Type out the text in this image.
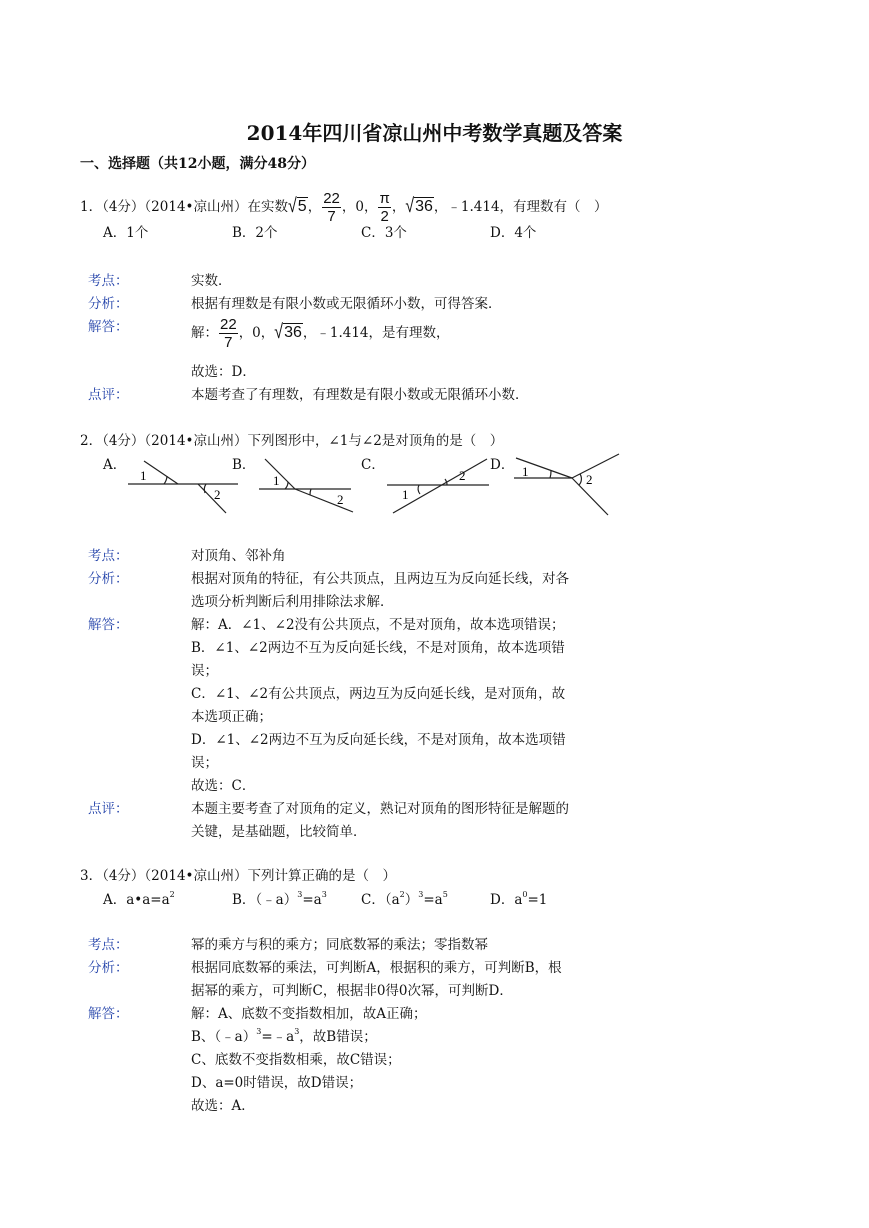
2014年四川省凉山州中考数学真题及答案
一、选择题（共12小题，满分48分）
1．（4分）（2014•凉山州）在实数√5， $\frac{22}{7}$ ，0， $\frac{\pi}{2}$ ，√36，﹣1.414，有理数有（　）
A．1个	B．2个	C．3个	D．4个
考点：	实数．
分析：	根据有理数是有限小数或无限循环小数，可得答案．
解答：	解： $\frac{22}{7}$ ，0，√36，﹣1.414，是有理数，
故选：D．
点评：	本题考查了有理数，有理数是有限小数或无限循环小数．
2．（4分）（2014•凉山州）下列图形中，∠1与∠2是对顶角的是（　）
A．	B．	C．	D．
1
2
1
2	1
2	1
2
考点：	对顶角、邻补角
分析：	根据对顶角的特征，有公共顶点，且两边互为反向延长线，对各
选项分析判断后利用排除法求解．
解答：	解：A．∠1、∠2没有公共顶点，不是对顶角，故本选项错误；
B．∠1、∠2两边不互为反向延长线，不是对顶角，故本选项错
误；
C．∠1、∠2有公共顶点，两边互为反向延长线，是对顶角，故
本选项正确；
D．∠1、∠2两边不互为反向延长线，不是对顶角，故本选项错
误；
故选：C．
点评：	本题主要考查了对顶角的定义，熟记对顶角的图形特征是解题的
关键，是基础题，比较简单．
3．（4分）（2014•凉山州）下列计算正确的是（　）
A．$a•a=a^2$	B．$(﹣a)^3=a^3$	C．$(a^2)^3=a^5$	D．$a^0=1$
考点：	幂的乘方与积的乘方；同底数幂的乘法；零指数幂
分析：	根据同底数幂的乘法，可判断A，根据积的乘方，可判断B，根
据幂的乘方，可判断C，根据非0得0次幂，可判断D．
解答：	解：A、底数不变指数相加，故A正确；
B、$(﹣a)^3=﹣a^3$，故B错误；
C、底数不变指数相乘，故C错误；
D、a=0时错误，故D错误；
故选：A．
